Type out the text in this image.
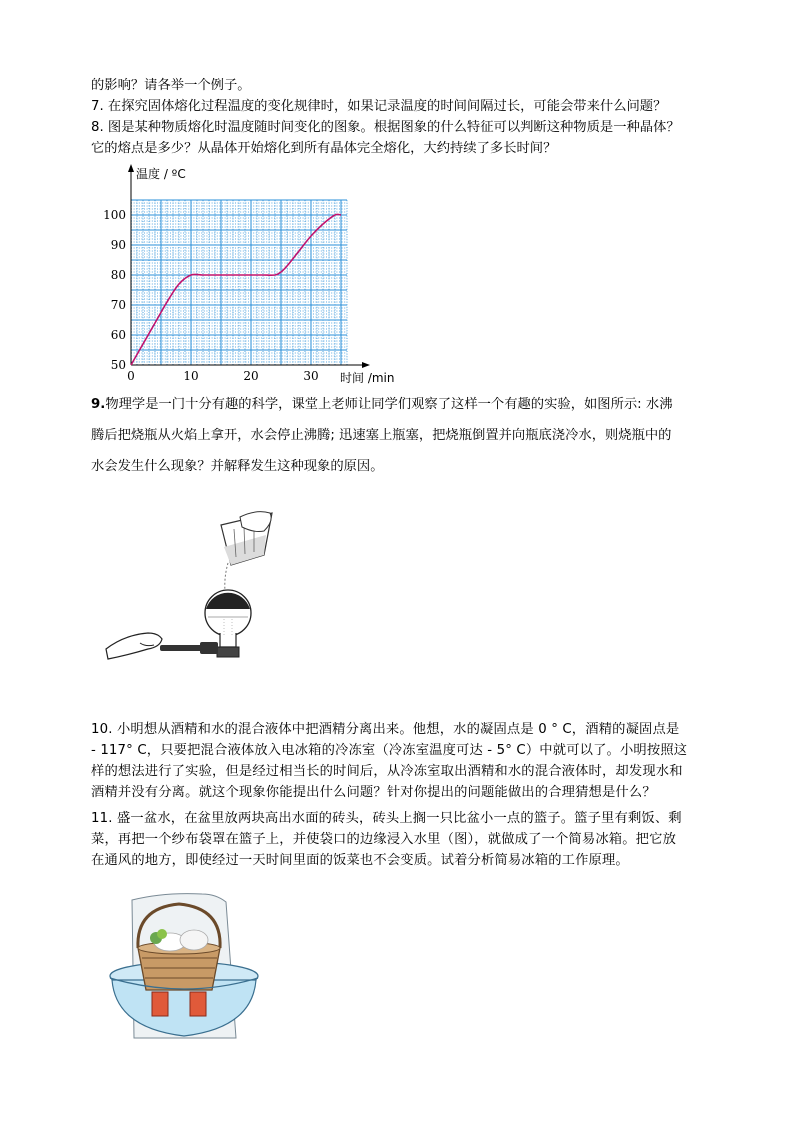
的影响？请各举一个例子。
7. 在探究固体熔化过程温度的变化规律时，如果记录温度的时间间隔过长，可能会带来什么问题？
8. 图是某种物质熔化时温度随时间变化的图象。根据图象的什么特征可以判断这种物质是一种晶体？
它的熔点是多少？从晶体开始熔化到所有晶体完全熔化，大约持续了多长时间？
0	10	20	30
50
60
70
80
90
100
温度 / ºC
时间 /min
9.物理学是一门十分有趣的科学，课堂上老师让同学们观察了这样一个有趣的实验，如图所示: 水沸
腾后把烧瓶从火焰上拿开，水会停止沸腾; 迅速塞上瓶塞，把烧瓶倒置并向瓶底浇冷水，则烧瓶中的
水会发生什么现象？并解释发生这种现象的原因。
10. 小明想从酒精和水的混合液体中把酒精分离出来。他想，水的凝固点是 0 ° C，酒精的凝固点是
- 117° C，只要把混合液体放入电冰箱的冷冻室（冷冻室温度可达 - 5° C）中就可以了。小明按照这
样的想法进行了实验，但是经过相当长的时间后，从冷冻室取出酒精和水的混合液体时，却发现水和
酒精并没有分离。就这个现象你能提出什么问题？针对你提出的问题能做出的合理猜想是什么？
11. 盛一盆水，在盆里放两块高出水面的砖头，砖头上搁一只比盆小一点的篮子。篮子里有剩饭、剩
菜，再把一个纱布袋罩在篮子上，并使袋口的边缘浸入水里（图），就做成了一个简易冰箱。把它放
在通风的地方，即使经过一天时间里面的饭菜也不会变质。试着分析简易冰箱的工作原理。
